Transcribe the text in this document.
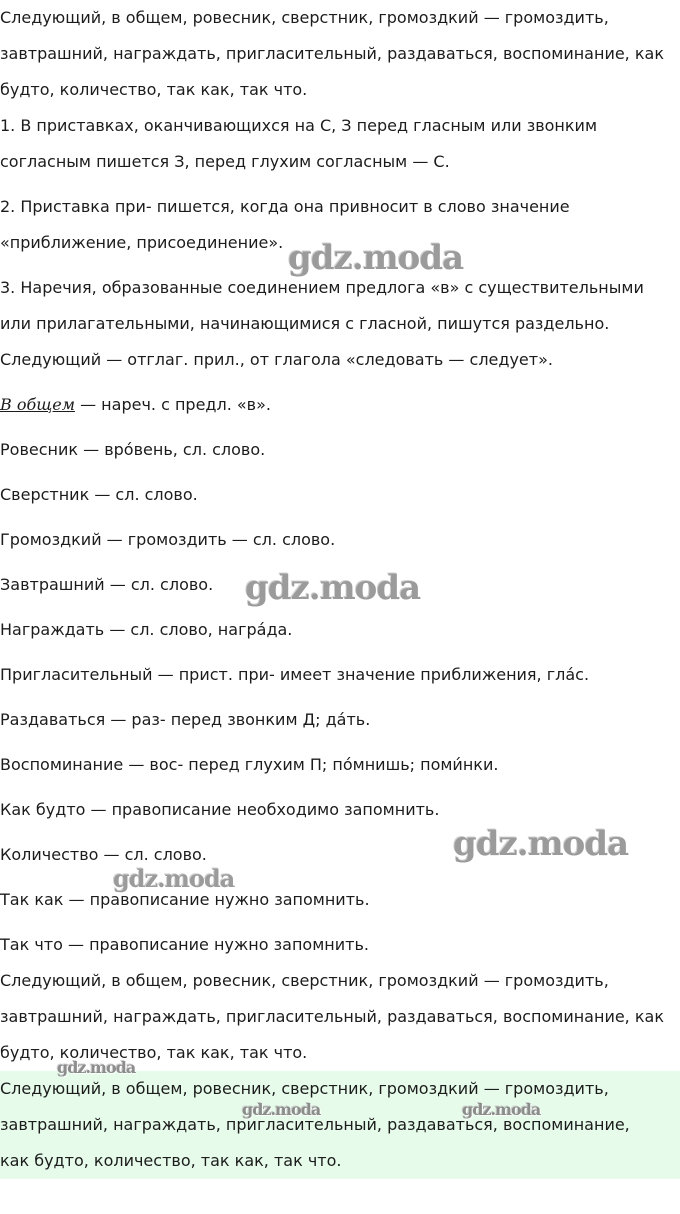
Следующий, в общем, ровесник, сверстник, громоздкий — громоздить,
завтрашний, награждать, пригласительный, раздаваться, воспоминание, как
будто, количество, так как, так что.
1. В приставках, оканчивающихся на С, З перед гласным или звонким
согласным пишется З, перед глухим согласным — С.
2. Приставка при- пишется, когда она привносит в слово значение
«приближение, присоединение».
3. Наречия, образованные соединением предлога «в» с существительными
или прилагательными, начинающимися с гласной, пишутся раздельно.
Следующий — отглаг. прил., от глагола «следовать — следует».
В общем — нареч. с предл. «в».
Ровесник — вро́вень, сл. слово.
Сверстник — сл. слово.
Громоздкий — громоздить — сл. слово.
Завтрашний — сл. слово.
Награждать — сл. слово, награ́да.
Пригласительный — прист. при- имеет значение приближения, гла́с.
Раздаваться — раз- перед звонким Д; да́ть.
Воспоминание — вос- перед глухим П; по́мнишь; поми́нки.
Как будто — правописание необходимо запомнить.
Количество — сл. слово.
Так как — правописание нужно запомнить.
Так что — правописание нужно запомнить.
Следующий, в общем, ровесник, сверстник, громоздкий — громоздить,
завтрашний, награждать, пригласительный, раздаваться, воспоминание, как
будто, количество, так как, так что.
Следующий, в общем, ровесник, сверстник, громоздкий — громоздить,
завтрашний, награждать, пригласительный, раздаваться, воспоминание,
как будто, количество, так как, так что.
gdz.moda
gdz.moda
gdz.moda
gdz.moda
gdz.moda
gdz.moda	gdz.moda
